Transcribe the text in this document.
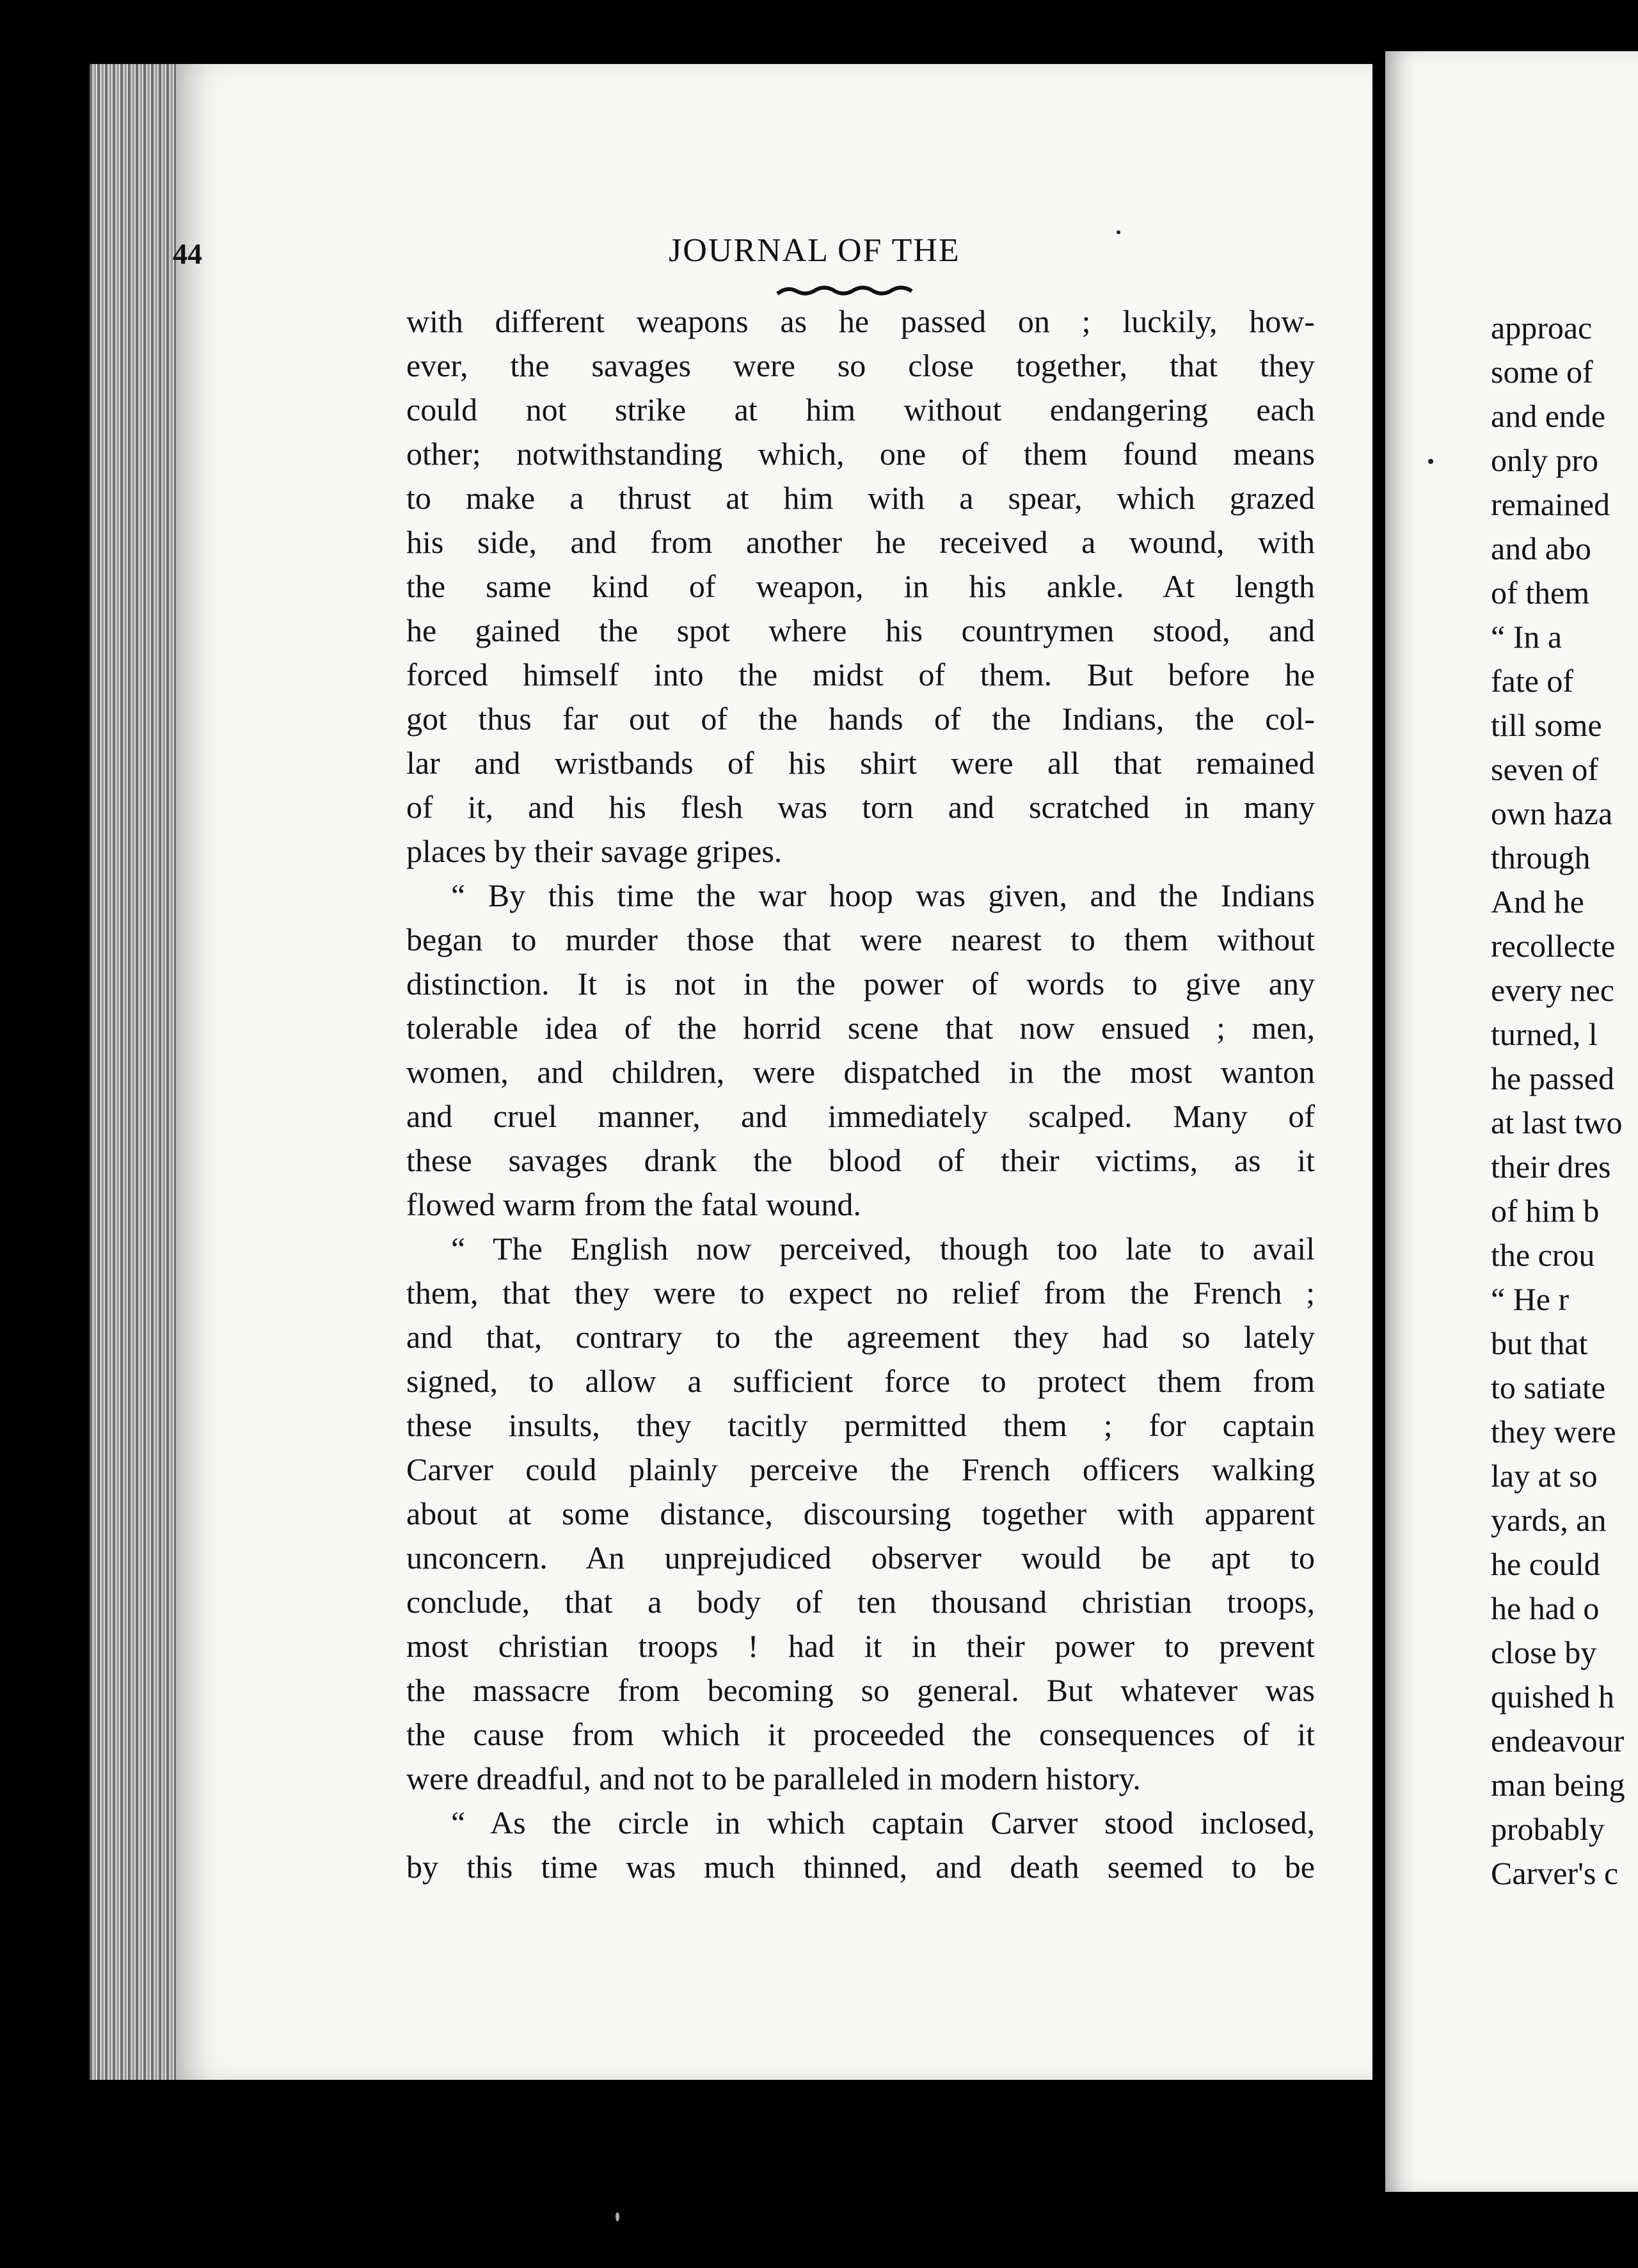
44	JOURNAL OF THE
with different weapons as he passed on ; luckily, how-
ever, the savages were so close together, that they
could not strike at him without endangering each
other; notwithstanding which, one of them found means
to make a thrust at him with a spear, which grazed
his side, and from another he received a wound, with
the same kind of weapon, in his ankle. At length
he gained the spot where his countrymen stood, and
forced himself into the midst of them. But before he
got thus far out of the hands of the Indians, the col-
lar and wristbands of his shirt were all that remained
of it, and his flesh was torn and scratched in many
places by their savage gripes.
“ By this time the war hoop was given, and the Indians
began to murder those that were nearest to them without
distinction. It is not in the power of words to give any
tolerable idea of the horrid scene that now ensued ; men,
women, and children, were dispatched in the most wanton
and cruel manner, and immediately scalped. Many of
these savages drank the blood of their victims, as it
flowed warm from the fatal wound.
“ The English now perceived, though too late to avail
them, that they were to expect no relief from the French ;
and that, contrary to the agreement they had so lately
signed, to allow a sufficient force to protect them from
these insults, they tacitly permitted them ; for captain
Carver could plainly perceive the French officers walking
about at some distance, discoursing together with apparent
unconcern. An unprejudiced observer would be apt to
conclude, that a body of ten thousand christian troops,
most christian troops ! had it in their power to prevent
the massacre from becoming so general. But whatever was
the cause from which it proceeded the consequences of it
were dreadful, and not to be paralleled in modern history.
“ As the circle in which captain Carver stood inclosed,
by this time was much thinned, and death seemed to be
approac
some of
and ende
only pro
remained
and abo
of them
“ In a
fate of
till some
seven of
own haza
through
And he
recollecte
every nec
turned, l
he passed
at last two
their dres
of him b
the crou
“ He r
but that
to satiate
they were
lay at so
yards, an
he could
he had o
close by
quished h
endeavour
man being
probably
Carver's c
